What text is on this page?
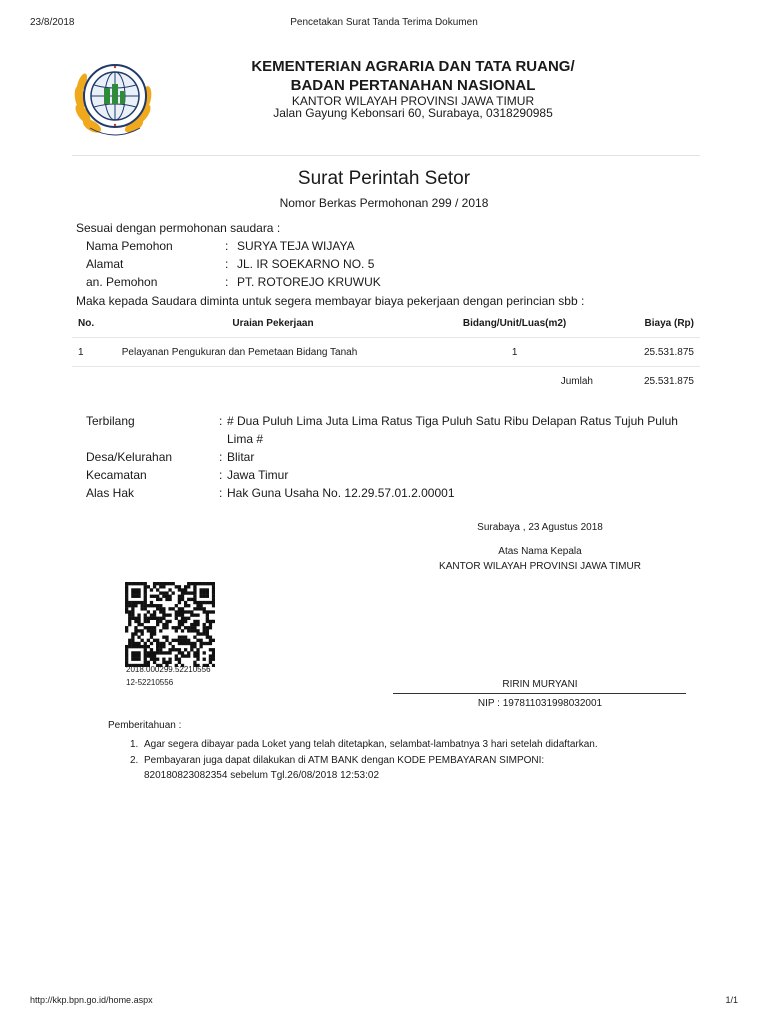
23/8/2018	Pencetakan Surat Tanda Terima Dokumen
KEMENTERIAN AGRARIA DAN TATA RUANG/
BADAN PERTANAHAN NASIONAL
KANTOR WILAYAH PROVINSI JAWA TIMUR
Jalan Gayung Kebonsari 60, Surabaya, 0318290985
Surat Perintah Setor
Nomor Berkas Permohonan 299 / 2018
Sesuai dengan permohonan saudara :
Nama Pemohon	: SURYA TEJA WIJAYA
Alamat	: JL. IR SOEKARNO NO. 5
an. Pemohon	: PT. ROTOREJO KRUWUK
Maka kepada Saudara diminta untuk segera membayar biaya pekerjaan dengan perincian sbb :
No.	Uraian Pekerjaan	Bidang/Unit/Luas(m2)	Biaya (Rp)
1	Pelayanan Pengukuran dan Pemetaan Bidang Tanah	1	25.531.875
		Jumlah	25.531.875
Terbilang	: # Dua Puluh Lima Juta Lima Ratus Tiga Puluh Satu Ribu Delapan Ratus Tujuh Puluh Lima #
Desa/Kelurahan	: Blitar
Kecamatan	: Jawa Timur
Alas Hak	: Hak Guna Usaha No. 12.29.57.01.2.00001
Surabaya , 23 Agustus 2018
Atas Nama Kepala
KANTOR WILAYAH PROVINSI JAWA TIMUR
RIRIN MURYANI
NIP : 197811031998032001
2018.000299.52210556
12-52210556
Pemberitahuan :
1. Agar segera dibayar pada Loket yang telah ditetapkan, selambat-lambatnya 3 hari setelah didaftarkan.
2. Pembayaran juga dapat dilakukan di ATM BANK dengan KODE PEMBAYARAN SIMPONI: 820180823082354 sebelum Tgl.26/08/2018 12:53:02
http://kkp.bpn.go.id/home.aspx	1/1
